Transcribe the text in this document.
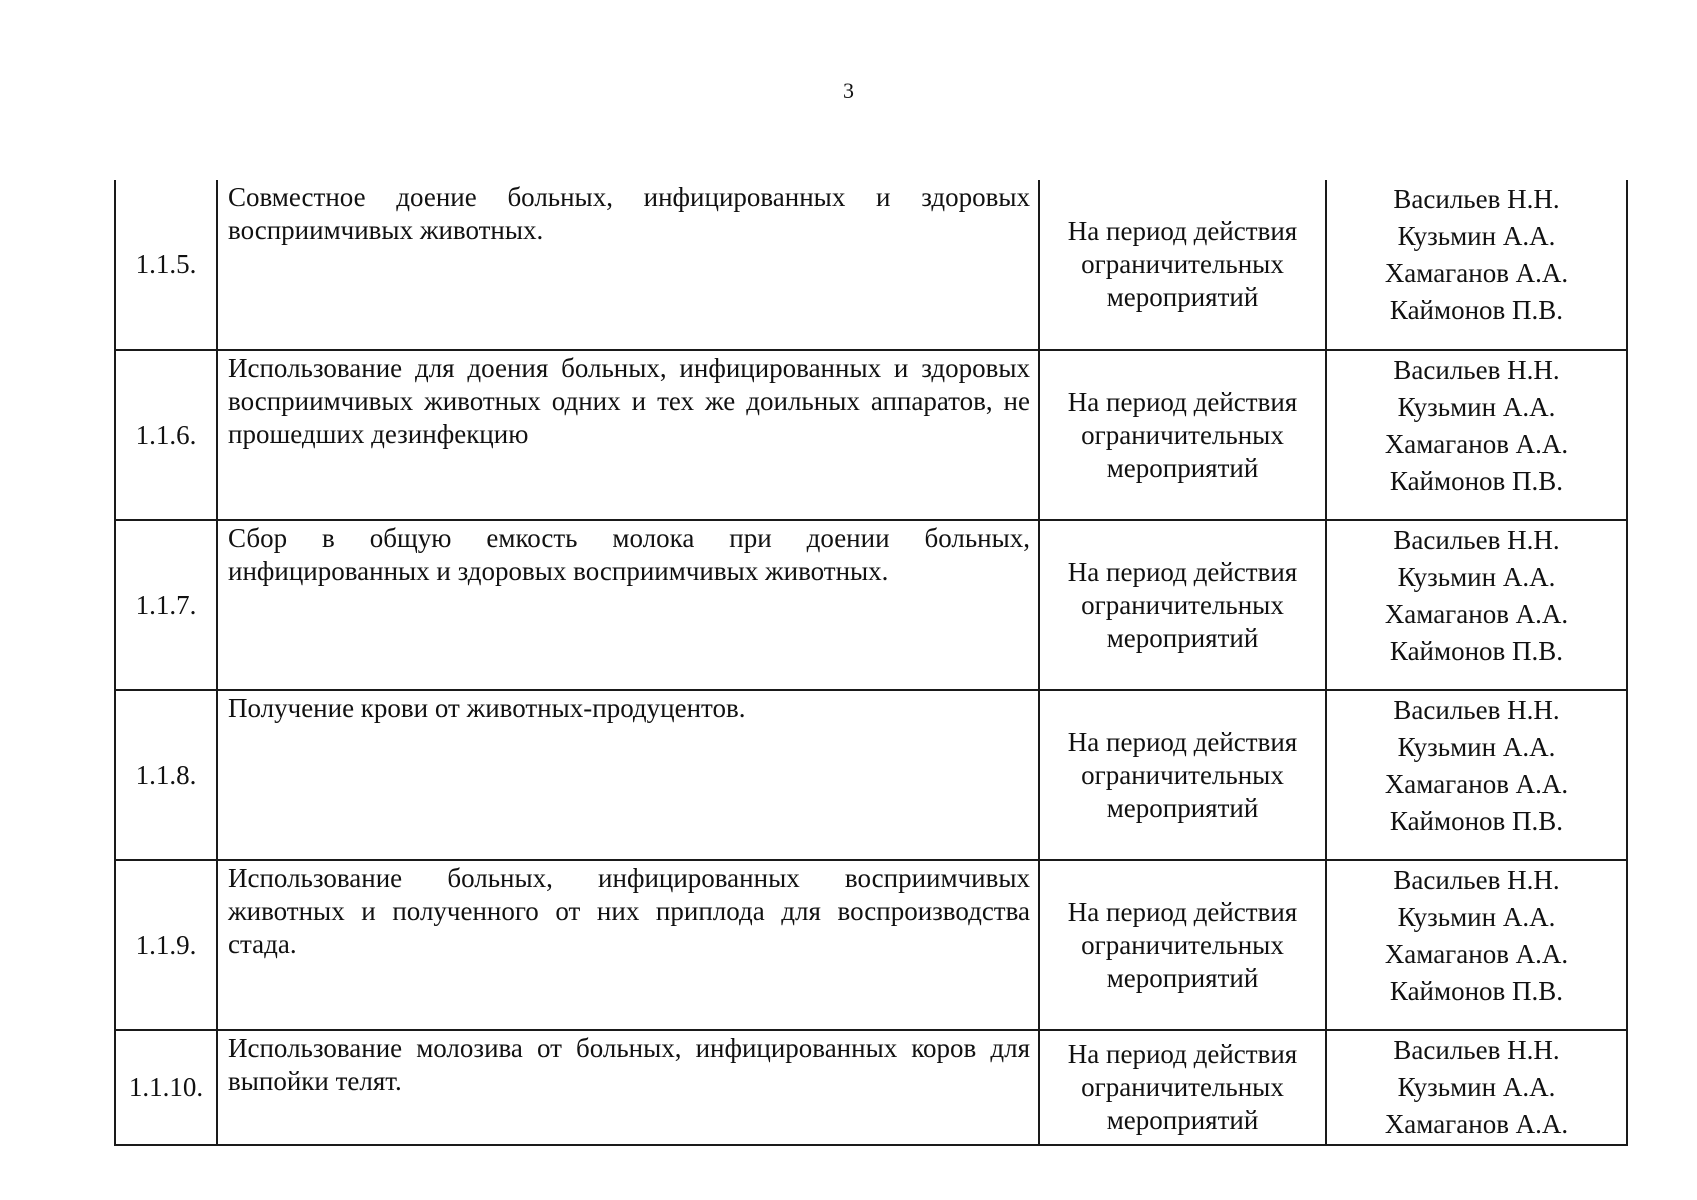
3
1.1.5.	Совместное доение больных, инфицированных и здоровых восприимчивых животных.	На период действия
ограничительных
мероприятий	Васильев Н.Н.
Кузьмин А.А.
Хамаганов А.А.
Каймонов П.В.

1.1.6.	Использование для доения больных, инфицированных и здоровых восприимчивых животных одних и тех же доильных аппаратов, не прошедших дезинфекцию	На период действия
ограничительных
мероприятий	Васильев Н.Н.
Кузьмин А.А.
Хамаганов А.А.
Каймонов П.В.

1.1.7.	Сбор в общую емкость молока при доении больных, инфицированных и здоровых восприимчивых животных.	На период действия
ограничительных
мероприятий	Васильев Н.Н.
Кузьмин А.А.
Хамаганов А.А.
Каймонов П.В.

1.1.8.	Получение крови от животных-продуцентов.	На период действия
ограничительных
мероприятий	Васильев Н.Н.
Кузьмин А.А.
Хамаганов А.А.
Каймонов П.В.

1.1.9.	Использование больных, инфицированных восприимчивых животных и полученного от них приплода для воспроизводства стада.	На период действия
ограничительных
мероприятий	Васильев Н.Н.
Кузьмин А.А.
Хамаганов А.А.
Каймонов П.В.

1.1.10.	Использование молозива от больных, инфицированных коров для выпойки телят.	На период действия
ограничительных
мероприятий	Васильев Н.Н.
Кузьмин А.А.
Хамаганов А.А.
